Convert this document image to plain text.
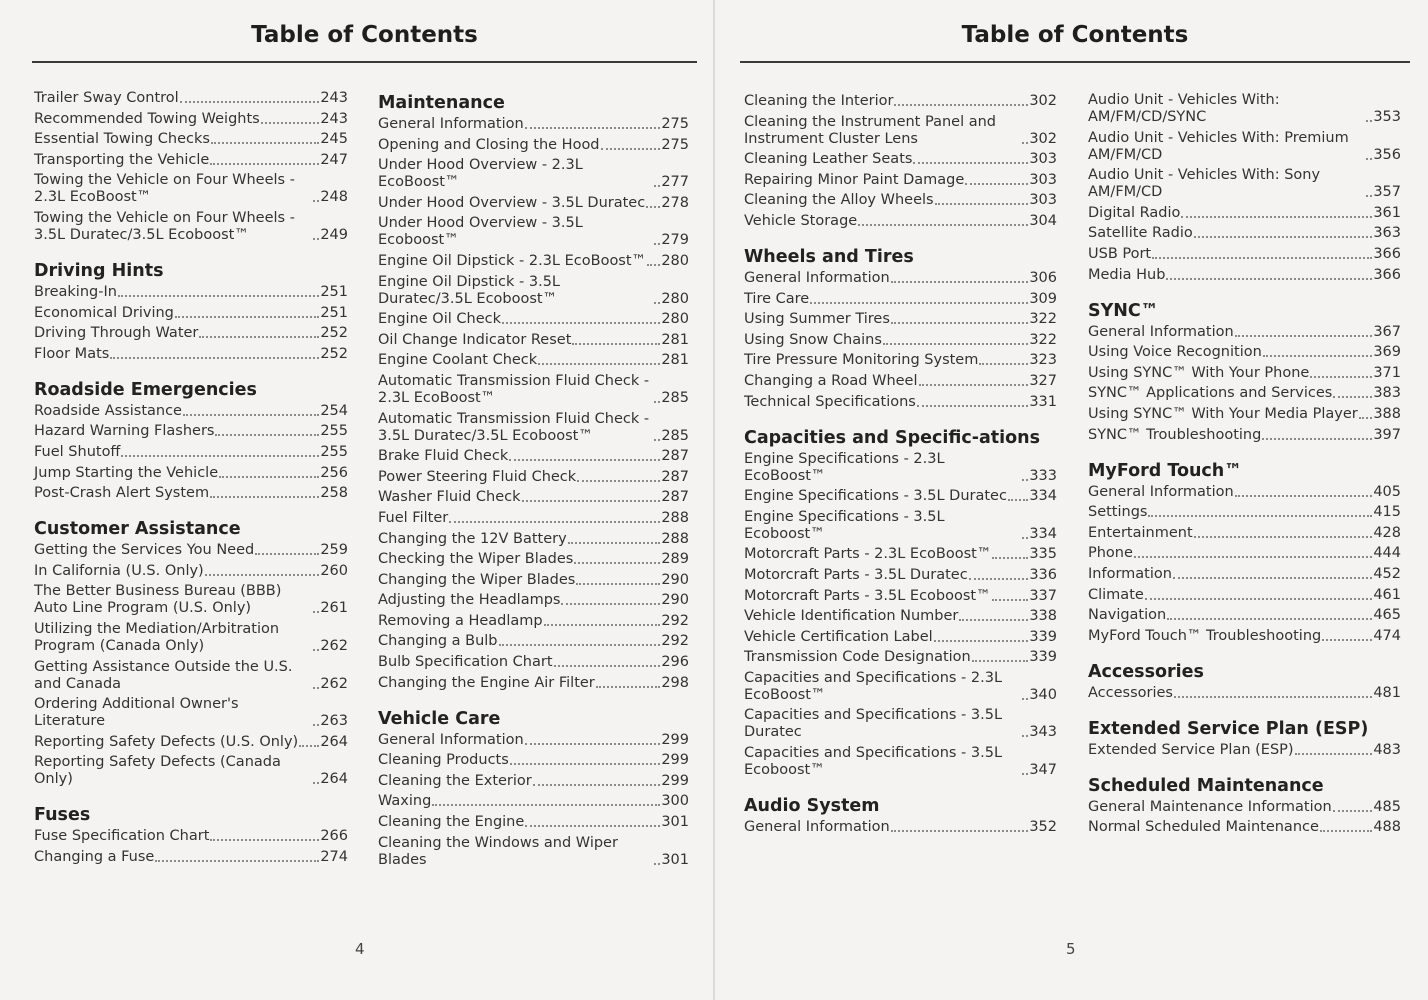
Table of Contents
Trailer Sway Control	243
Recommended Towing Weights	243
Essential Towing Checks	245
Transporting the Vehicle	247
Towing the Vehicle on Four Wheels - 2.3L EcoBoost™	248
Towing the Vehicle on Four Wheels - 3.5L Duratec/3.5L Ecoboost™	249
Driving Hints
Breaking-In	251
Economical Driving	251
Driving Through Water	252
Floor Mats	252
Roadside Emergencies
Roadside Assistance	254
Hazard Warning Flashers	255
Fuel Shutoff	255
Jump Starting the Vehicle	256
Post-Crash Alert System	258
Customer Assistance
Getting the Services You Need	259
In California (U.S. Only)	260
The Better Business Bureau (BBB) Auto Line Program (U.S. Only)	261
Utilizing the Mediation/Arbitration Program (Canada Only)	262
Getting Assistance Outside the U.S. and Canada	262
Ordering Additional Owner's Literature	263
Reporting Safety Defects (U.S. Only) 264
Reporting Safety Defects (Canada Only)	264
Fuses
Fuse Specification Chart	266
Changing a Fuse	274
Maintenance
General Information	275
Opening and Closing the Hood	275
Under Hood Overview - 2.3L EcoBoost™	277
Under Hood Overview - 3.5L Duratec 278
Under Hood Overview - 3.5L Ecoboost™	279
Engine Oil Dipstick - 2.3L EcoBoost™ 280
Engine Oil Dipstick - 3.5L Duratec/3.5L Ecoboost™	280
Engine Oil Check	280
Oil Change Indicator Reset	281
Engine Coolant Check	281
Automatic Transmission Fluid Check - 2.3L EcoBoost™	285
Automatic Transmission Fluid Check - 3.5L Duratec/3.5L Ecoboost™	285
Brake Fluid Check	287
Power Steering Fluid Check	287
Washer Fluid Check	287
Fuel Filter	288
Changing the 12V Battery	288
Checking the Wiper Blades	289
Changing the Wiper Blades	290
Adjusting the Headlamps	290
Removing a Headlamp	292
Changing a Bulb	292
Bulb Specification Chart	296
Changing the Engine Air Filter	298
Vehicle Care
General Information	299
Cleaning Products	299
Cleaning the Exterior	299
Waxing	300
Cleaning the Engine	301
Cleaning the Windows and Wiper Blades	301
4
Table of Contents
Cleaning the Interior	302
Cleaning the Instrument Panel and Instrument Cluster Lens	302
Cleaning Leather Seats	303
Repairing Minor Paint Damage	303
Cleaning the Alloy Wheels	303
Vehicle Storage	304
Wheels and Tires
General Information	306
Tire Care	309
Using Summer Tires	322
Using Snow Chains	322
Tire Pressure Monitoring System	323
Changing a Road Wheel	327
Technical Specifications	331
Capacities and Specific-ations
Engine Specifications - 2.3L EcoBoost™	333
Engine Specifications - 3.5L Duratec 334
Engine Specifications - 3.5L Ecoboost™	334
Motorcraft Parts - 2.3L EcoBoost™	335
Motorcraft Parts - 3.5L Duratec	336
Motorcraft Parts - 3.5L Ecoboost™	337
Vehicle Identification Number	338
Vehicle Certification Label	339
Transmission Code Designation	339
Capacities and Specifications - 2.3L EcoBoost™	340
Capacities and Specifications - 3.5L Duratec	343
Capacities and Specifications - 3.5L Ecoboost™	347
Audio System
General Information	352
Audio Unit - Vehicles With: AM/FM/CD/SYNC	353
Audio Unit - Vehicles With: Premium AM/FM/CD	356
Audio Unit - Vehicles With: Sony AM/FM/CD	357
Digital Radio	361
Satellite Radio	363
USB Port	366
Media Hub	366
SYNC™
General Information	367
Using Voice Recognition	369
Using SYNC™ With Your Phone	371
SYNC™ Applications and Services	383
Using SYNC™ With Your Media Player 388
SYNC™ Troubleshooting	397
MyFord Touch™
General Information	405
Settings	415
Entertainment	428
Phone	444
Information	452
Climate	461
Navigation	465
MyFord Touch™ Troubleshooting	474
Accessories
Accessories	481
Extended Service Plan (ESP)
Extended Service Plan (ESP)	483
Scheduled Maintenance
General Maintenance Information	485
Normal Scheduled Maintenance	488
5
